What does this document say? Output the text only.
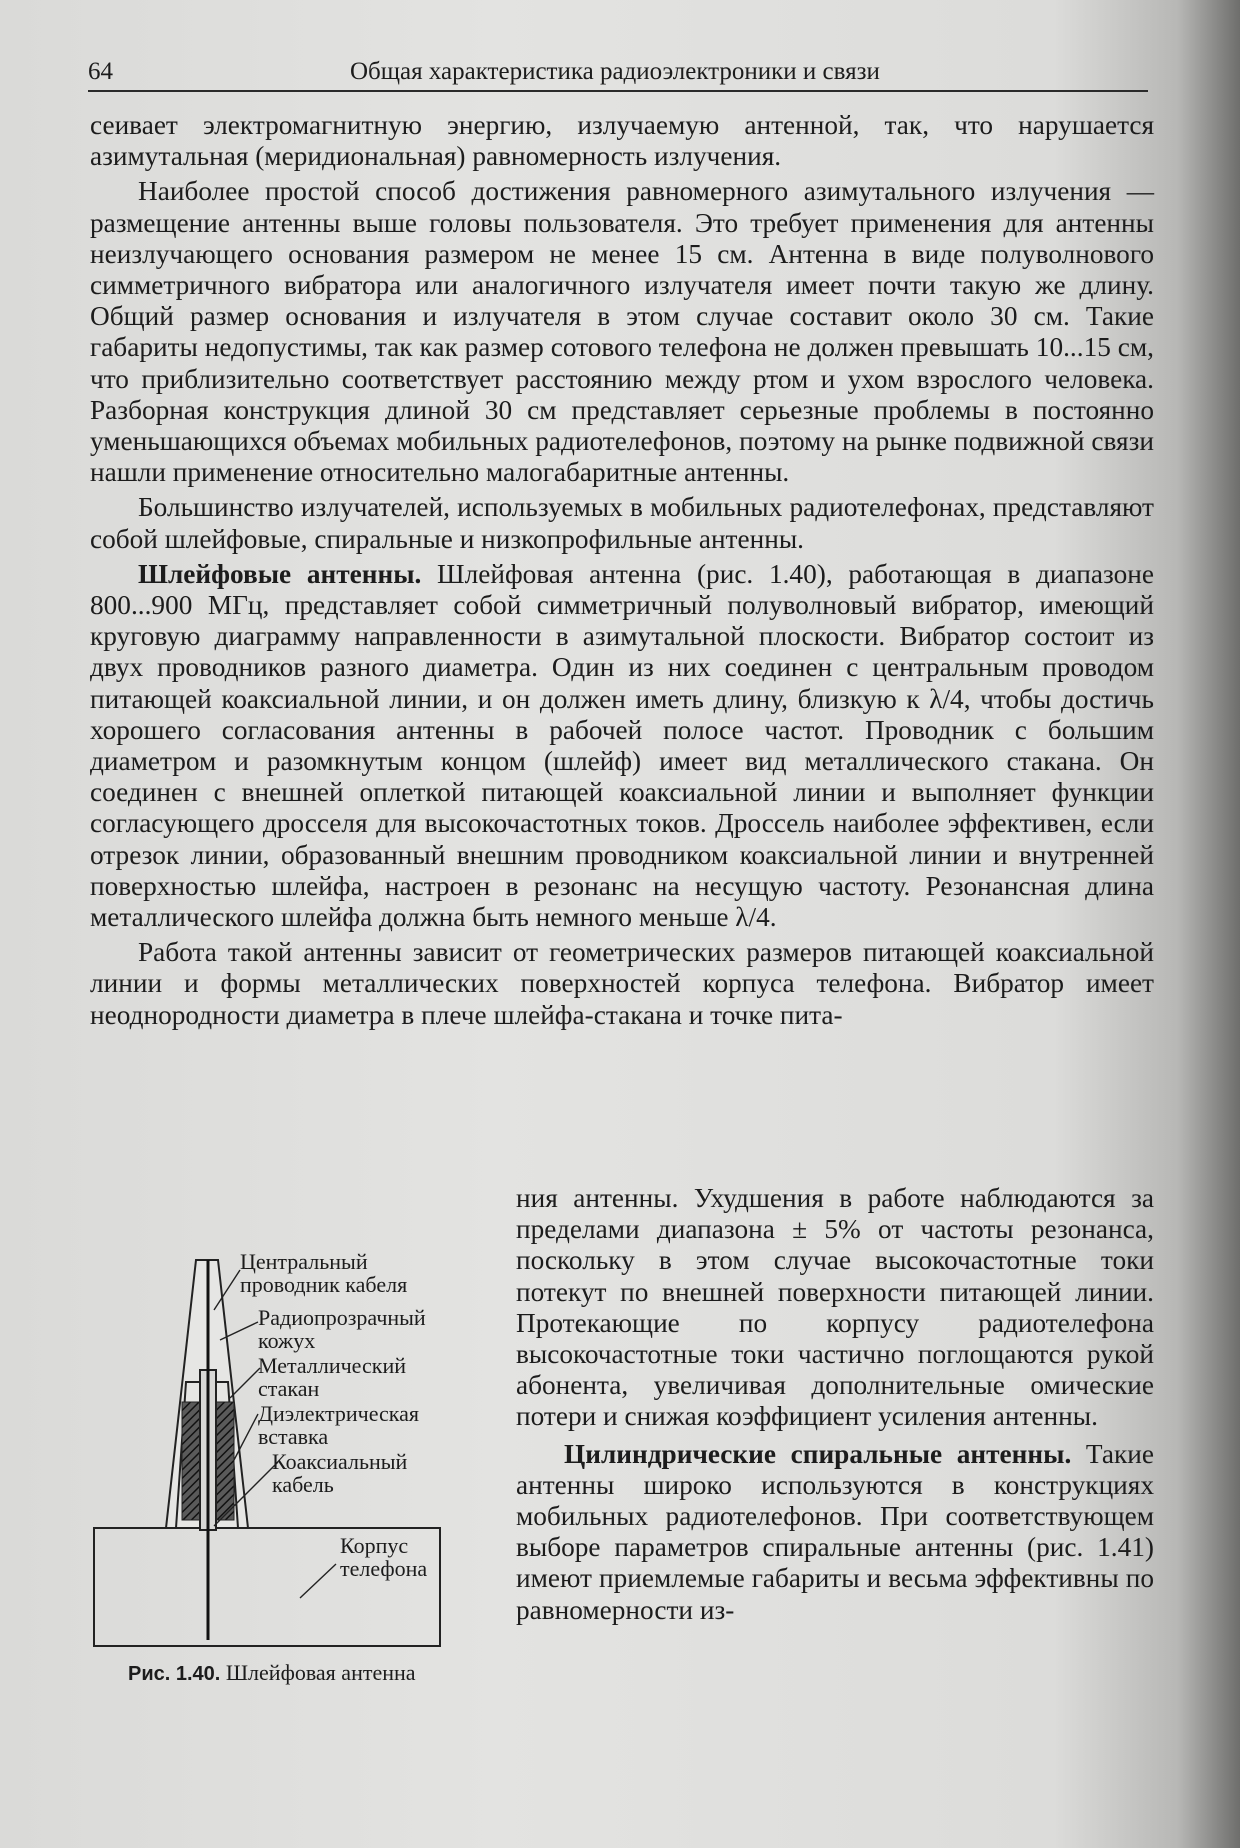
64	Общая характеристика радиоэлектроники и связи

сеивает электромагнитную энергию, излучаемую антенной, так, что нарушается азимутальная (меридиональная) равномерность излучения.

Наиболее простой способ достижения равномерного азимутального излучения — размещение антенны выше головы пользователя. Это требует применения для антенны неизлучающего основания размером не менее 15 см. Антенна в виде полуволнового симметричного вибратора или аналогичного излучателя имеет почти такую же длину. Общий размер основания и излучателя в этом случае составит около 30 см. Такие габариты недопустимы, так как размер сотового телефона не должен превышать 10...15 см, что приблизительно соответствует расстоянию между ртом и ухом взрослого человека. Разборная конструкция длиной 30 см представляет серьезные проблемы в постоянно уменьшающихся объемах мобильных радиотелефонов, поэтому на рынке подвижной связи нашли применение относительно малогабаритные антенны.

Большинство излучателей, используемых в мобильных радиотелефонах, представляют собой шлейфовые, спиральные и низкопрофильные антенны.

Шлейфовые антенны. Шлейфовая антенна (рис. 1.40), работающая в диапазоне 800...900 МГц, представляет собой симметричный полуволновый вибратор, имеющий круговую диаграмму направленности в азимутальной плоскости. Вибратор состоит из двух проводников разного диаметра. Один из них соединен с центральным проводом питающей коаксиальной линии, и он должен иметь длину, близкую к λ/4, чтобы достичь хорошего согласования антенны в рабочей полосе частот. Проводник с большим диаметром и разомкнутым концом (шлейф) имеет вид металлического стакана. Он соединен с внешней оплеткой питающей коаксиальной линии и выполняет функции согласующего дросселя для высокочастотных токов. Дроссель наиболее эффективен, если отрезок линии, образованный внешним проводником коаксиальной линии и внутренней поверхностью шлейфа, настроен в резонанс на несущую частоту. Резонансная длина металлического шлейфа должна быть немного меньше λ/4.

Работа такой антенны зависит от геометрических размеров питающей коаксиальной линии и формы металлических поверхностей корпуса телефона. Вибратор имеет неоднородности диаметра в плече шлейфа-стакана и точке пита-

ния антенны. Ухудшения в работе наблюдаются за пределами диапазона ± 5% от частоты резонанса, поскольку в этом случае высокочастотные токи потекут по внешней поверхности питающей линии. Протекающие по корпусу радиотелефона высокочастотные токи частично поглощаются рукой абонента, увеличивая дополнительные омические потери и снижая коэффициент усиления антенны.

Цилиндрические спиральные антенны. Такие антенны широко используются в конструкциях мобильных радиотелефонов. При соответствующем выборе параметров спиральные антенны (рис. 1.41) имеют приемлемые габариты и весьма эффективны по равномерности из-

Центральный
проводник кабеля
Радиопрозрачный
кожух
Металлический
стакан
Диэлектрическая
вставка
Коаксиальный
кабель
Корпус
телефона
Рис. 1.40. Шлейфовая антенна
